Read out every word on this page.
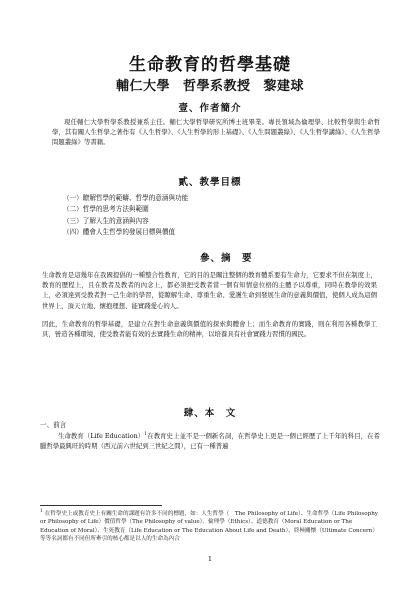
生命教育的哲學基礎
輔仁大學 哲學系教授 黎建球
壹、作者簡介

現任輔仁大學哲學系教授兼系主任。輔仁大學哲學研究所博士班畢業。專長領域為倫理學、比較哲學與生命哲學，其有關人生哲學之著作有《人生哲學》、《人生哲學的形上基礎》、《人生問題叢綠》、《人生哲學講綠》、《人生哲學問題叢綠》等書籍。

貳、教學目標
（一）瞭解哲學的範疇、哲學的意涵與功能
（二）哲學的思考方法與範圍
（三）了解人生的意涵與內容
（四）體會人生哲學的發展目標與價值
參、摘　要

生命教育是這幾年在我國提倡的一種整合性教育，它的目的是關注整個的教育體系要有生命力，它要求不但在制度上，教育的歷程上，且在教者及教者的內念上，都必須把受教者當一個有知情意位格的主體予以尊重，同時在教學的效果上，必須達到受教者對一己生命的學習，從瞭解生命、尊重生命、愛護生命到發展生命的意義與價值，使個人成為這個世界上，頂天立地、懷抱理想、能實踐愛心的人。

因此，生命教育的哲學基礎，是建立在對生命意義與價值的探索與體會上；而生命教育的實踐，則在利用各種教學工具，營造各種環境，使受教者能有效的去實踐生命的精神，以培養具有社會實踐力習慣的國民。

肆、本　文
一、前言

生命教育（Life Education）$^1$在教育史上並不是一個新名詞，在哲學史上更是一個已經歷了上千年的科目，在希臘哲學最興旺的時期（西元前六世紀到三世紀之間），已有一種普遍

$^1$ 在哲學史上或教育史上有關生命的課題有許多不同的標題，如：人生哲學（　The Philosophy of Life）、生命哲學（Life Philosophy or Philosophy of Life）價值哲學（The Philosophy of value）、倫理學（Ethics）、道德教育（Moral Education or The Education of Moral）、生死教育（Life Education or The Education About Life and Death）、終極關懷（Ultimate Concern）等等名詞都有不同但所牽引的核心都是以人的生命為內合

1
